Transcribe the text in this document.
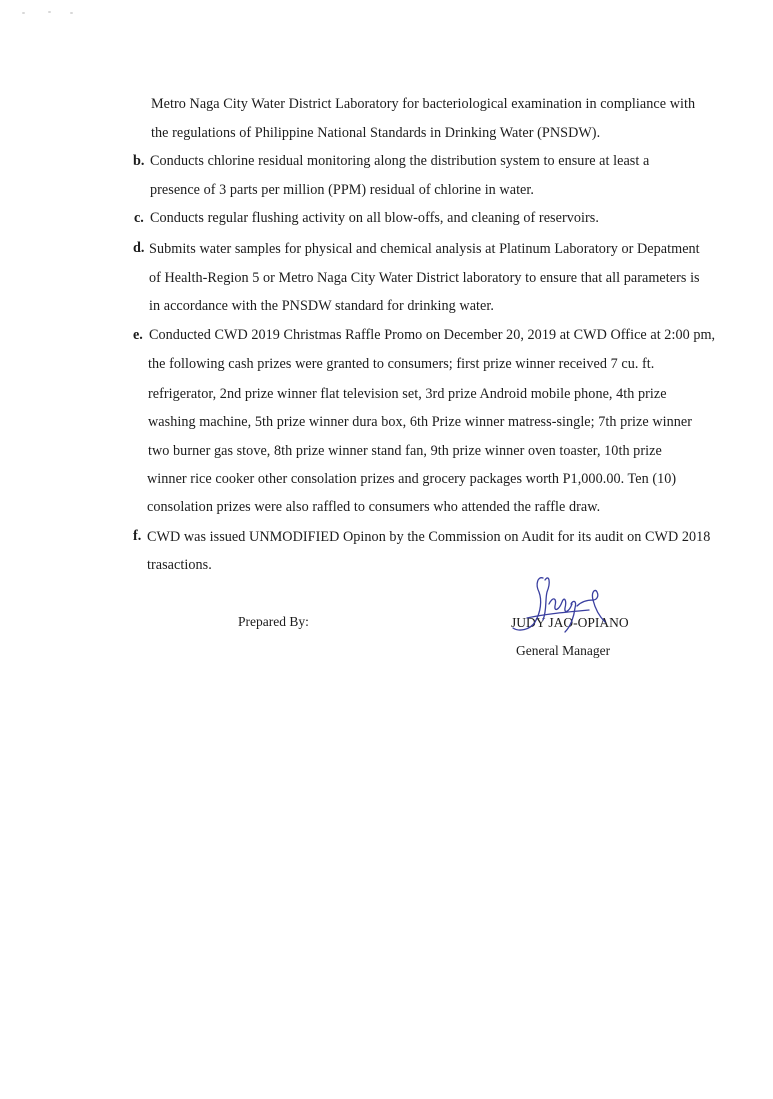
Metro Naga City Water District Laboratory for bacteriological examination in compliance with
the regulations of Philippine National Standards in Drinking Water (PNSDW).
b. Conducts chlorine residual monitoring along the distribution system to ensure at least a
presence of 3 parts per million (PPM) residual of chlorine in water.
c. Conducts regular flushing activity on all blow-offs, and cleaning of reservoirs.
d. Submits water samples for physical and chemical analysis at Platinum Laboratory or Depatment
of Health-Region 5 or Metro Naga City Water District laboratory to ensure that all parameters is
in accordance with the PNSDW standard for drinking water.
e. Conducted CWD 2019 Christmas Raffle Promo on December 20, 2019 at CWD Office at 2:00 pm,
the following cash prizes were granted to consumers; first prize winner received 7 cu. ft.
refrigerator, 2nd prize winner flat television set, 3rd prize Android mobile phone, 4th prize
washing machine, 5th prize winner dura box, 6th Prize winner matress-single; 7th prize winner
two burner gas stove, 8th prize winner stand fan, 9th prize winner oven toaster, 10th prize
winner rice cooker other consolation prizes and grocery packages worth P1,000.00. Ten (10)
consolation prizes were also raffled to consumers who attended the raffle draw.
f. CWD was issued UNMODIFIED Opinon by the Commission on Audit for its audit on CWD 2018
trasactions.
Prepared By:	JUDY JAO-OPIANO
General Manager
